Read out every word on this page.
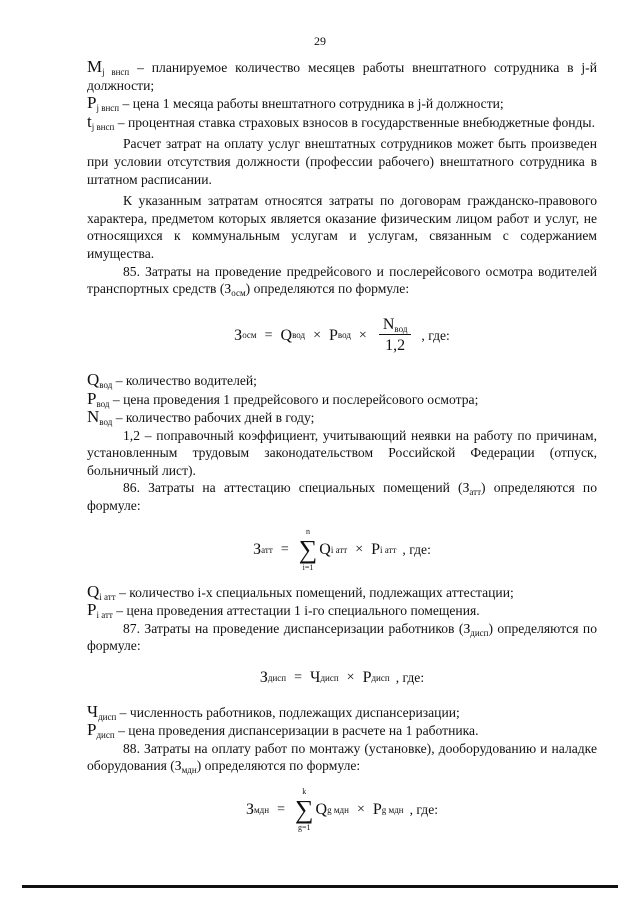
29

$M_{j внсп}$ – планируемое количество месяцев работы внештатного сотрудника в j-й должности;

$P_{j внсп}$ – цена 1 месяца работы внештатного сотрудника в j-й должности;

$t_{j внсп}$ – процентная ставка страховых взносов в государственные внебюджетные фонды.

Расчет затрат на оплату услуг внештатных сотрудников может быть произведен при условии отсутствия должности (профессии рабочего) внештатного сотрудника в штатном расписании.

К указанным затратам относятся затраты по договорам гражданско-правового характера, предметом которых является оказание физическим лицом работ и услуг, не относящихся к коммунальным услугам и услугам, связанным с содержанием имущества.

85. Затраты на проведение предрейсового и послерейсового осмотра водителей транспортных средств $(З_{осм})$ определяются по формуле:

З осм = Q вод × P вод × $\frac{N_{вод}}{1,2}$ , где:

$Q_{вод}$ – количество водителей;

$P_{вод}$ – цена проведения 1 предрейсового и послерейсового осмотра;

$N_{вод}$ – количество рабочих дней в году;

1,2 – поправочный коэффициент, учитывающий неявки на работу по причинам, установленным трудовым законодательством Российской Федерации (отпуск, больничный лист).

86. Затраты на аттестацию специальных помещений $(З_{атт})$ определяются по формуле:

З атт =
n
∑
i=1
Q i атт × P i атт , где:

$Q_{i атт}$ – количество i-х специальных помещений, подлежащих аттестации;

$P_{i атт}$ – цена проведения аттестации 1 i-го специального помещения.

87. Затраты на проведение диспансеризации работников $(З_{дисп})$ определяются по формуле:

З дисп = Ч дисп × P дисп , где:

$Ч_{дисп}$ – численность работников, подлежащих диспансеризации;

$P_{дисп}$ – цена проведения диспансеризации в расчете на 1 работника.

88. Затраты на оплату работ по монтажу (установке), дооборудованию и наладке оборудования $(З_{мдн})$ определяются по формуле:

З мдн =
k
∑
g=1
Q g мдн × P g мдн , где:
